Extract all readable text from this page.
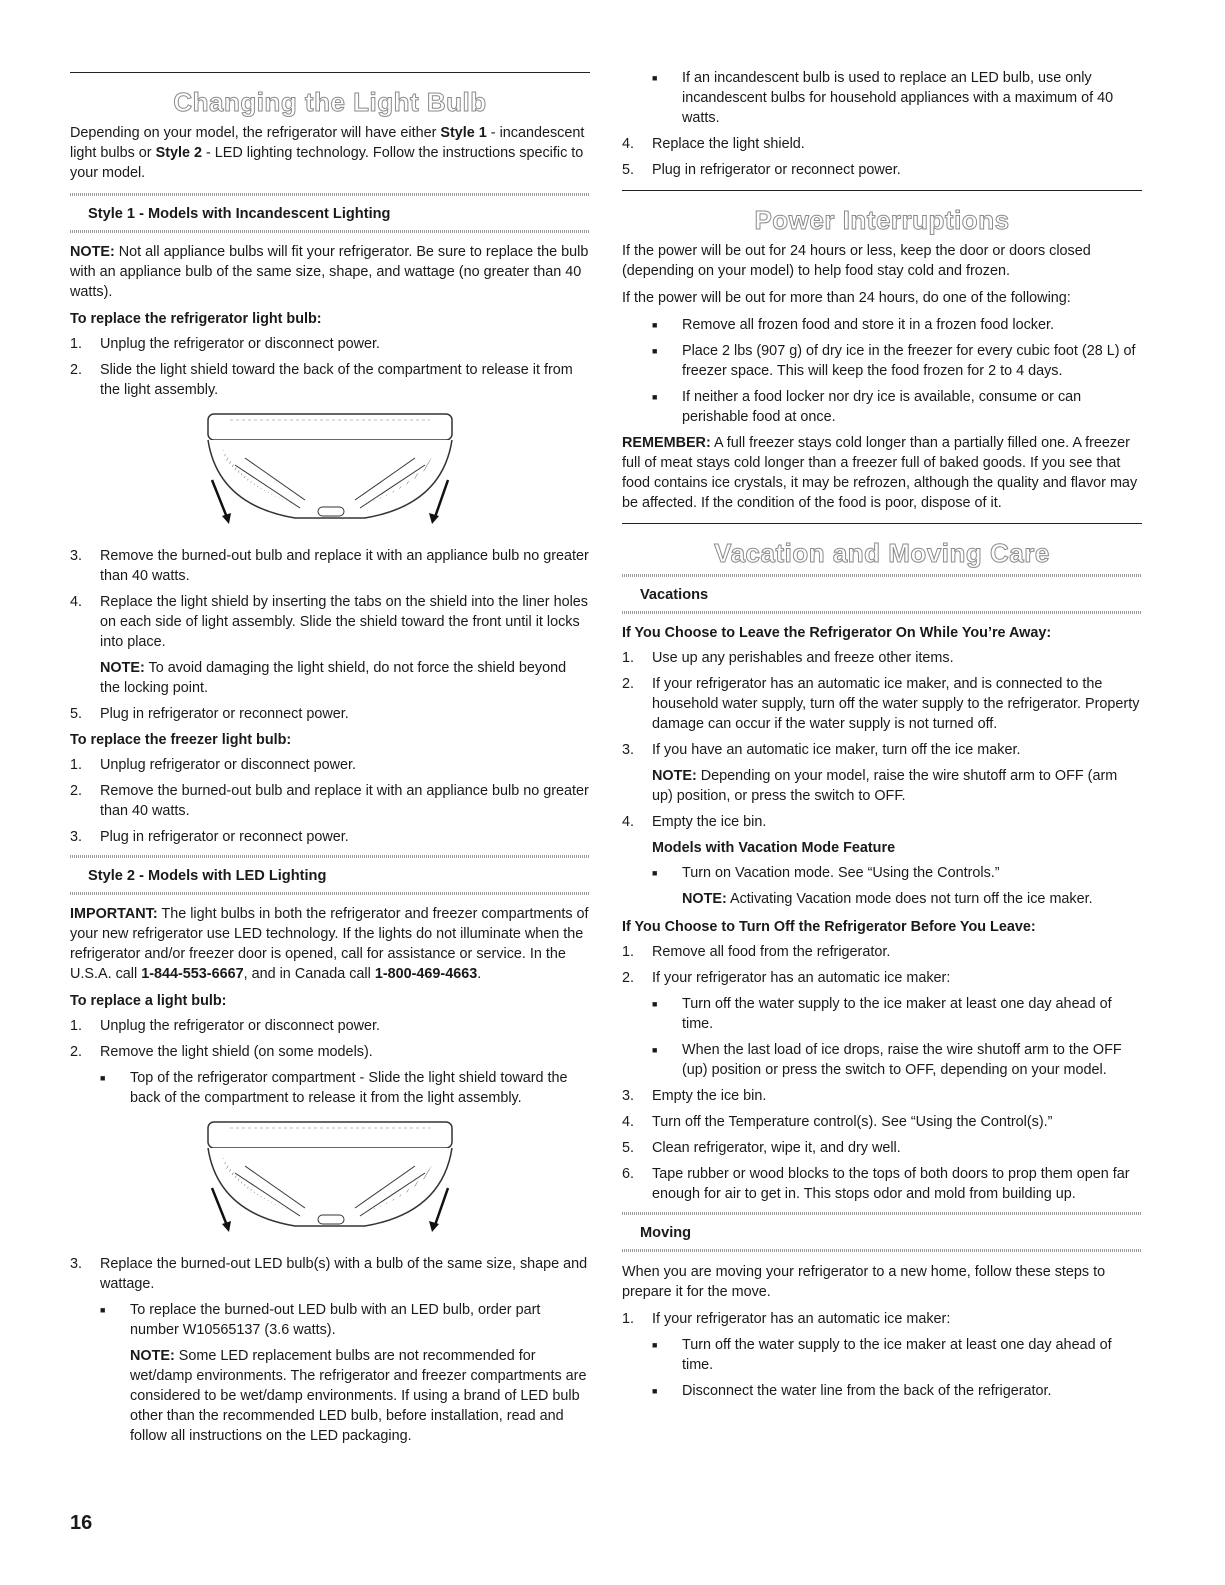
Changing the Light Bulb

Depending on your model, the refrigerator will have either Style 1 - incandescent light bulbs or Style 2 - LED lighting technology. Follow the instructions specific to your model.

Style 1 - Models with Incandescent Lighting

NOTE: Not all appliance bulbs will fit your refrigerator. Be sure to replace the bulb with an appliance bulb of the same size, shape, and wattage (no greater than 40 watts).

To replace the refrigerator light bulb:
1.	Unplug the refrigerator or disconnect power.
2.	Slide the light shield toward the back of the compartment to release it from the light assembly.
3.	Remove the burned-out bulb and replace it with an appliance bulb no greater than 40 watts.
4.	Replace the light shield by inserting the tabs on the shield into the liner holes on each side of light assembly. Slide the shield toward the front until it locks into place.

NOTE: To avoid damaging the light shield, do not force the shield beyond the locking point.

5.	Plug in refrigerator or reconnect power.
To replace the freezer light bulb:
1.	Unplug refrigerator or disconnect power.
2.	Remove the burned-out bulb and replace it with an appliance bulb no greater than 40 watts.
3.	Plug in refrigerator or reconnect power.
Style 2 - Models with LED Lighting

IMPORTANT: The light bulbs in both the refrigerator and freezer compartments of your new refrigerator use LED technology. If the lights do not illuminate when the refrigerator and/or freezer door is opened, call for assistance or service. In the U.S.A. call 1-844-553-6667, and in Canada call 1-800-469-4663.

To replace a light bulb:
1.	Unplug the refrigerator or disconnect power.
2.	Remove the light shield (on some models).
■	Top of the refrigerator compartment - Slide the light shield toward the back of the compartment to release it from the light assembly.
3.	Replace the burned-out LED bulb(s) with a bulb of the same size, shape and wattage.
■	To replace the burned-out LED bulb with an LED bulb, order part number W10565137 (3.6 watts).

NOTE: Some LED replacement bulbs are not recommended for wet/damp environments. The refrigerator and freezer compartments are considered to be wet/damp environments. If using a brand of LED bulb other than the recommended LED bulb, before installation, read and follow all instructions on the LED packaging.

■	If an incandescent bulb is used to replace an LED bulb, use only incandescent bulbs for household appliances with a maximum of 40 watts.
4.	Replace the light shield.
5.	Plug in refrigerator or reconnect power.
Power Interruptions

If the power will be out for 24 hours or less, keep the door or doors closed (depending on your model) to help food stay cold and frozen.

If the power will be out for more than 24 hours, do one of the following:

■	Remove all frozen food and store it in a frozen food locker.
■	Place 2 lbs (907 g) of dry ice in the freezer for every cubic foot (28 L) of freezer space. This will keep the food frozen for 2 to 4 days.
■	If neither a food locker nor dry ice is available, consume or can perishable food at once.

REMEMBER: A full freezer stays cold longer than a partially filled one. A freezer full of meat stays cold longer than a freezer full of baked goods. If you see that food contains ice crystals, it may be refrozen, although the quality and flavor may be affected. If the condition of the food is poor, dispose of it.

Vacation and Moving Care
Vacations
If You Choose to Leave the Refrigerator On While You’re Away:
1.	Use up any perishables and freeze other items.
2.	If your refrigerator has an automatic ice maker, and is connected to the household water supply, turn off the water supply to the refrigerator. Property damage can occur if the water supply is not turned off.
3.	If you have an automatic ice maker, turn off the ice maker.

NOTE: Depending on your model, raise the wire shutoff arm to OFF (arm up) position, or press the switch to OFF.

4.	Empty the ice bin.
Models with Vacation Mode Feature
■	Turn on Vacation mode. See “Using the Controls.”

NOTE: Activating Vacation mode does not turn off the ice maker.

If You Choose to Turn Off the Refrigerator Before You Leave:
1.	Remove all food from the refrigerator.
2.	If your refrigerator has an automatic ice maker:
■	Turn off the water supply to the ice maker at least one day ahead of time.
■	When the last load of ice drops, raise the wire shutoff arm to the OFF (up) position or press the switch to OFF, depending on your model.
3.	Empty the ice bin.
4.	Turn off the Temperature control(s). See “Using the Control(s).”
5.	Clean refrigerator, wipe it, and dry well.
6.	Tape rubber or wood blocks to the tops of both doors to prop them open far enough for air to get in. This stops odor and mold from building up.
Moving

When you are moving your refrigerator to a new home, follow these steps to prepare it for the move.

1.	If your refrigerator has an automatic ice maker:
■	Turn off the water supply to the ice maker at least one day ahead of time.
■	Disconnect the water line from the back of the refrigerator.
16
